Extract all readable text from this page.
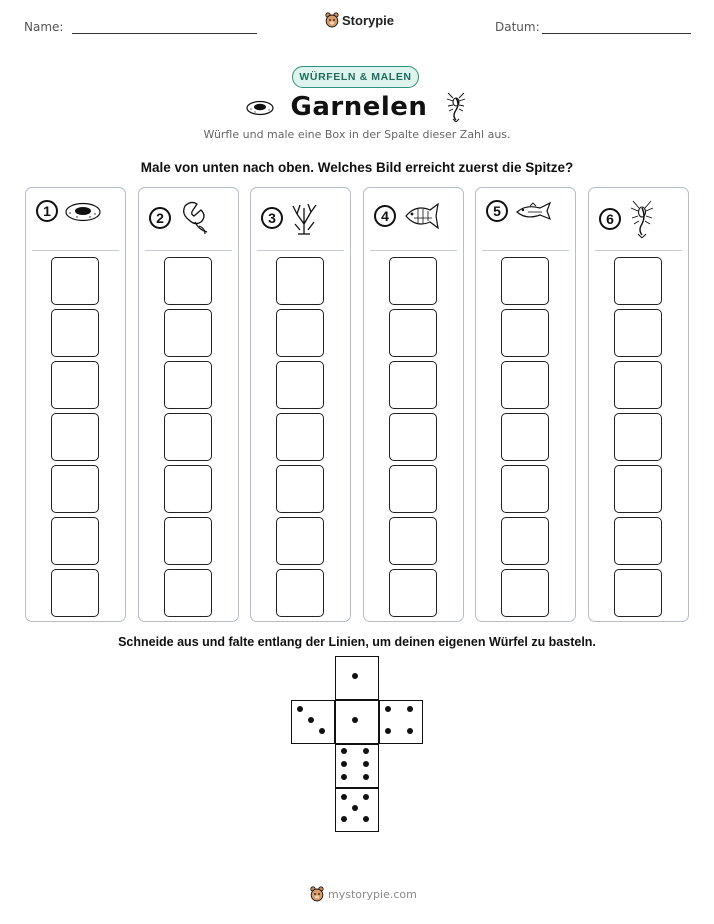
Name:	Storypie	Datum:
WÜRFELN & MALEN
Garnelen
Würfle und male eine Box in der Spalte dieser Zahl aus.
Male von unten nach oben. Welches Bild erreicht zuerst die Spitze?
1	2	3	4	5	6
Schneide aus und falte entlang der Linien, um deinen eigenen Würfel zu basteln.
mystorypie.com
